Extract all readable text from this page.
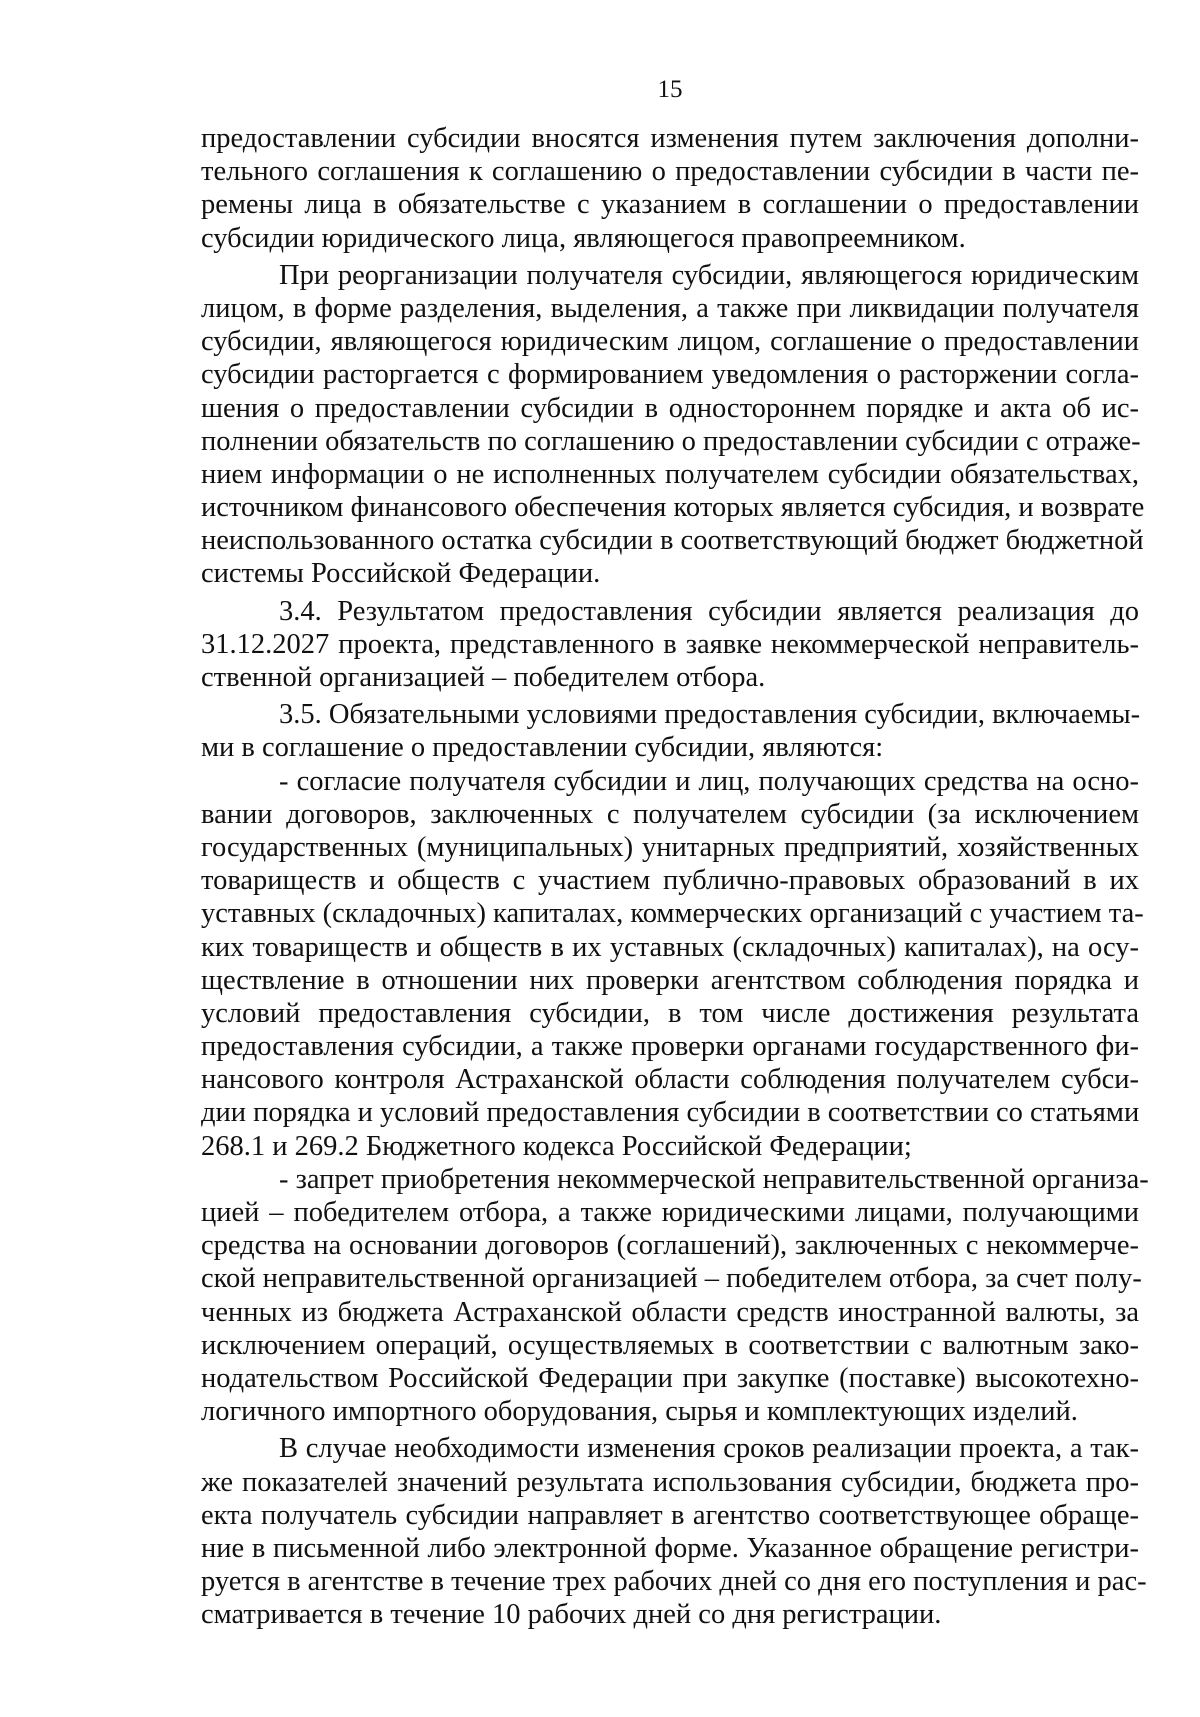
15
предоставлении субсидии вносятся изменения путем заключения дополни-
тельного соглашения к соглашению о предоставлении субсидии в части пе-
ремены лица в обязательстве с указанием в соглашении о предоставлении
субсидии юридического лица, являющегося правопреемником.
При реорганизации получателя субсидии, являющегося юридическим
лицом, в форме разделения, выделения, а также при ликвидации получателя
субсидии, являющегося юридическим лицом, соглашение о предоставлении
субсидии расторгается с формированием уведомления о расторжении согла-
шения о предоставлении субсидии в одностороннем порядке и акта об ис-
полнении обязательств по соглашению о предоставлении субсидии с отраже-
нием информации о не исполненных получателем субсидии обязательствах,
источником финансового обеспечения которых является субсидия, и возврате
неиспользованного остатка субсидии в соответствующий бюджет бюджетной
системы Российской Федерации.
3.4. Результатом предоставления субсидии является реализация до
31.12.2027 проекта, представленного в заявке некоммерческой неправитель-
ственной организацией – победителем отбора.
3.5. Обязательными условиями предоставления субсидии, включаемы-
ми в соглашение о предоставлении субсидии, являются:
- согласие получателя субсидии и лиц, получающих средства на осно-
вании договоров, заключенных с получателем субсидии (за исключением
государственных (муниципальных) унитарных предприятий, хозяйственных
товариществ и обществ с участием публично-правовых образований в их
уставных (складочных) капиталах, коммерческих организаций с участием та-
ких товариществ и обществ в их уставных (складочных) капиталах), на осу-
ществление в отношении них проверки агентством соблюдения порядка и
условий предоставления субсидии, в том числе достижения результата
предоставления субсидии, а также проверки органами государственного фи-
нансового контроля Астраханской области соблюдения получателем субси-
дии порядка и условий предоставления субсидии в соответствии со статьями
268.1 и 269.2 Бюджетного кодекса Российской Федерации;
- запрет приобретения некоммерческой неправительственной организа-
цией – победителем отбора, а также юридическими лицами, получающими
средства на основании договоров (соглашений), заключенных с некоммерче-
ской неправительственной организацией – победителем отбора, за счет полу-
ченных из бюджета Астраханской области средств иностранной валюты, за
исключением операций, осуществляемых в соответствии с валютным зако-
нодательством Российской Федерации при закупке (поставке) высокотехно-
логичного импортного оборудования, сырья и комплектующих изделий.
В случае необходимости изменения сроков реализации проекта, а так-
же показателей значений результата использования субсидии, бюджета про-
екта получатель субсидии направляет в агентство соответствующее обраще-
ние в письменной либо электронной форме. Указанное обращение регистри-
руется в агентстве в течение трех рабочих дней со дня его поступления и рас-
сматривается в течение 10 рабочих дней со дня регистрации.
